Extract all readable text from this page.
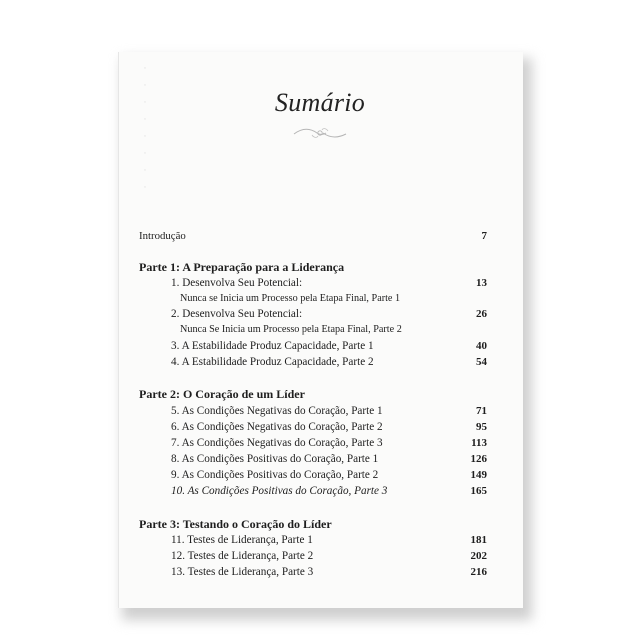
·
·
·
·
·
·
·
·
Sumário
Introdução	7
Parte 1: A Preparação para a Liderança
1. Desenvolva Seu Potencial:	13
Nunca se Inicia um Processo pela Etapa Final, Parte 1
2. Desenvolva Seu Potencial:	26
Nunca Se Inicia um Processo pela Etapa Final, Parte 2
3. A Estabilidade Produz Capacidade, Parte 1	40
4. A Estabilidade Produz Capacidade, Parte 2	54
Parte 2: O Coração de um Líder
5. As Condições Negativas do Coração, Parte 1	71
6. As Condições Negativas do Coração, Parte 2	95
7. As Condições Negativas do Coração, Parte 3	113
8. As Condições Positivas do Coração, Parte 1	126
9. As Condições Positivas do Coração, Parte 2	149
10. As Condições Positivas do Coração, Parte 3	165
Parte 3: Testando o Coração do Líder
11. Testes de Liderança, Parte 1	181
12. Testes de Liderança, Parte 2	202
13. Testes de Liderança, Parte 3	216
